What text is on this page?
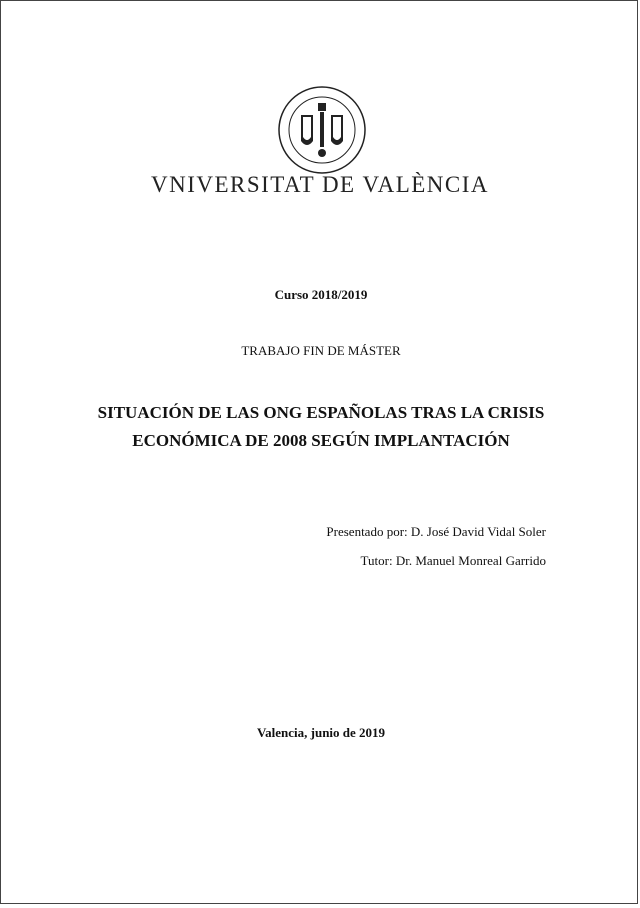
VNIVERSITAT DE VALÈNCIA
Curso 2018/2019
TRABAJO FIN DE MÁSTER
SITUACIÓN DE LAS ONG ESPAÑOLAS TRAS LA CRISIS ECONÓMICA DE 2008 SEGÚN IMPLANTACIÓN
Presentado por: D. José David Vidal Soler
Tutor: Dr. Manuel Monreal Garrido
Valencia, junio de 2019
